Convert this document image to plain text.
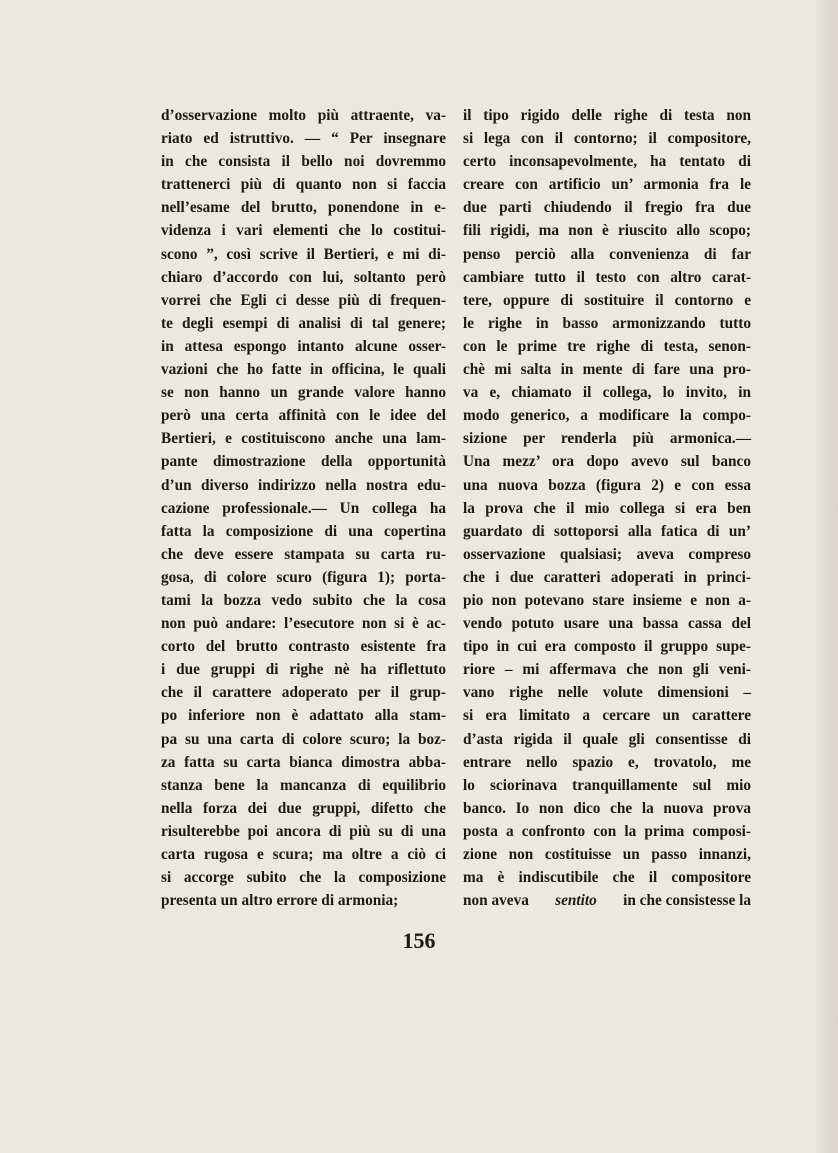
d’osservazione molto più attraente, va-
riato ed istruttivo. — “ Per insegnare
in che consista il bello noi dovremmo
trattenerci più di quanto non si faccia
nell’esame del brutto, ponendone in e-
videnza i vari elementi che lo costitui-
scono ”, così scrive il Bertieri, e mi di-
chiaro d’accordo con lui, soltanto però
vorrei che Egli ci desse più di frequen-
te degli esempi di analisi di tal genere;
in attesa espongo intanto alcune osser-
vazioni che ho fatte in officina, le quali
se non hanno un grande valore hanno
però una certa affinità con le idee del
Bertieri, e costituiscono anche una lam-
pante dimostrazione della opportunità
d’un diverso indirizzo nella nostra edu-
cazione professionale.— Un collega ha
fatta la composizione di una copertina
che deve essere stampata su carta ru-
gosa, di colore scuro (figura 1); porta-
tami la bozza vedo subito che la cosa
non può andare: l’esecutore non si è ac-
corto del brutto contrasto esistente fra
i due gruppi di righe nè ha riflettuto
che il carattere adoperato per il grup-
po inferiore non è adattato alla stam-
pa su una carta di colore scuro; la boz-
za fatta su carta bianca dimostra abba-
stanza bene la mancanza di equilibrio
nella forza dei due gruppi, difetto che
risulterebbe poi ancora di più su di una
carta rugosa e scura; ma oltre a ciò ci
si accorge subito che la composizione
presenta un altro errore di armonia;
il tipo rigido delle righe di testa non
si lega con il contorno; il compositore,
certo inconsapevolmente, ha tentato di
creare con artificio un’ armonia fra le
due parti chiudendo il fregio fra due
fili rigidi, ma non è riuscito allo scopo;
penso perciò alla convenienza di far
cambiare tutto il testo con altro carat-
tere, oppure di sostituire il contorno e
le righe in basso armonizzando tutto
con le prime tre righe di testa, senon-
chè mi salta in mente di fare una pro-
va e, chiamato il collega, lo invito, in
modo generico, a modificare la compo-
sizione per renderla più armonica.—
Una mezz’ ora dopo avevo sul banco
una nuova bozza (figura 2) e con essa
la prova che il mio collega si era ben
guardato di sottoporsi alla fatica di un’
osservazione qualsiasi; aveva compreso
che i due caratteri adoperati in princi-
pio non potevano stare insieme e non a-
vendo potuto usare una bassa cassa del
tipo in cui era composto il gruppo supe-
riore – mi affermava che non gli veni-
vano righe nelle volute dimensioni –
si era limitato a cercare un carattere
d’asta rigida il quale gli consentisse di
entrare nello spazio e, trovatolo, me
lo sciorinava tranquillamente sul mio
banco. Io non dico che la nuova prova
posta a confronto con la prima composi-
zione non costituisse un passo innanzi,
ma è indiscutibile che il compositore
non aveva sentito in che consistesse la
156
